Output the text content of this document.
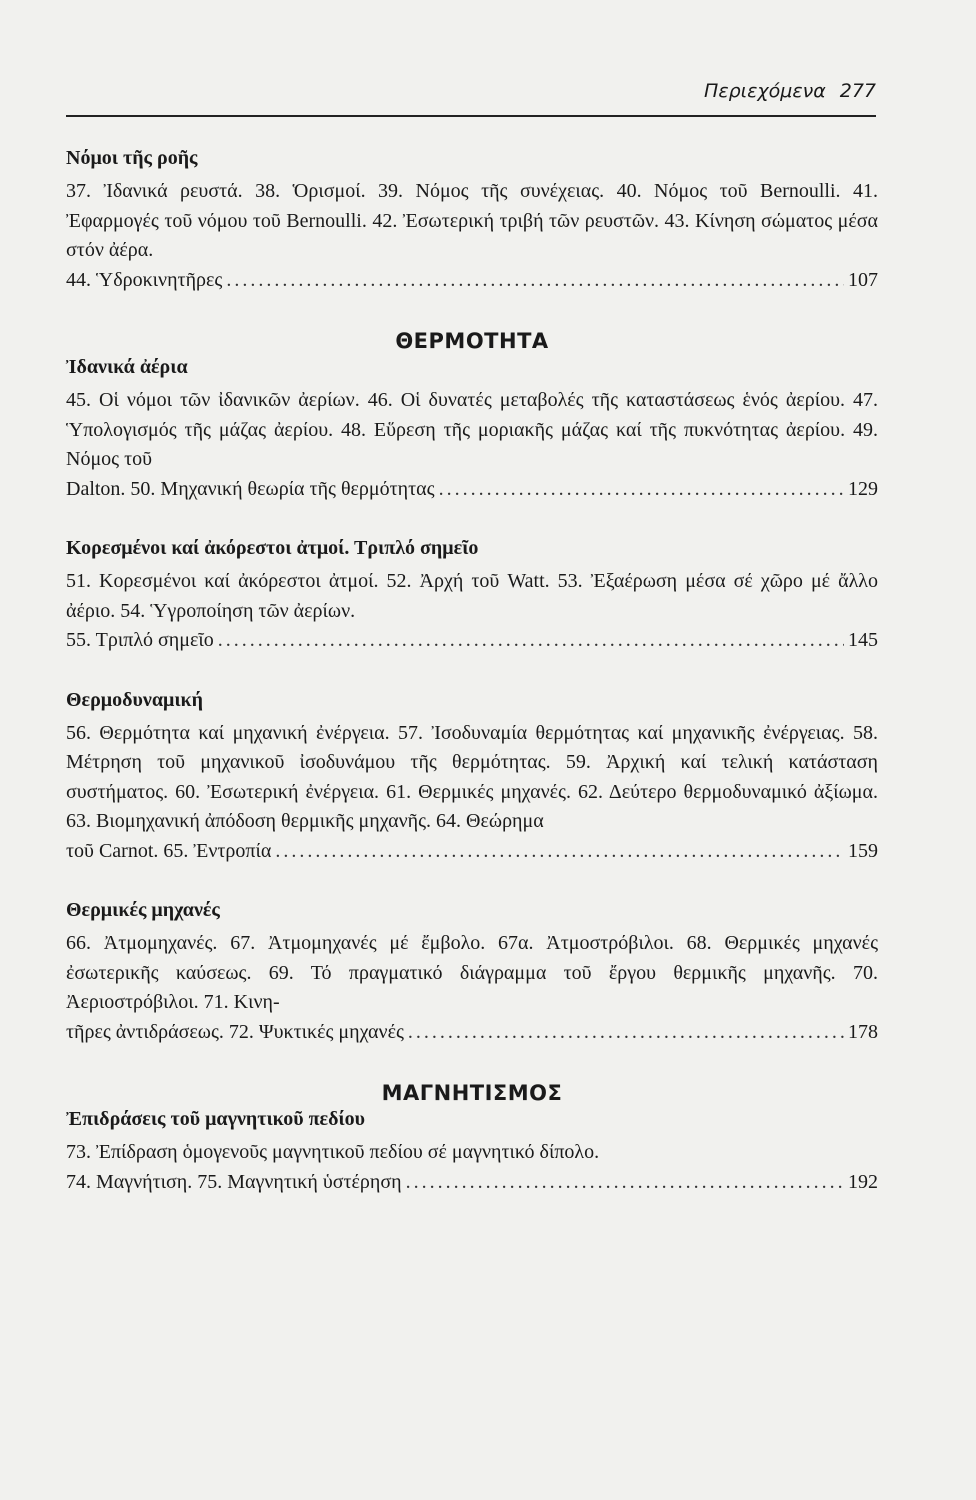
Περιεχόμενα 277
Νόμοι τῆς ροῆς
37. Ἰδανικά ρευστά. 38. Ὁρισμοί. 39. Νόμος τῆς συνέχειας. 40. Νόμος τοῦ Bernoulli. 41. Ἐφαρμογές τοῦ νόμου τοῦ Bernoulli. 42. Ἐσωτερική τριβή τῶν ρευστῶν. 43. Κίνηση σώματος μέσα στόν ἀέρα.
44. Ὑδροκινητῆρες . . .	107
ΘΕΡΜΟΤΗΤΑ
Ἰδανικά ἀέρια
45. Οἱ νόμοι τῶν ἰδανικῶν ἀερίων. 46. Οἱ δυνατές μεταβολές τῆς καταστάσεως ἑνός ἀερίου. 47. Ὑπολογισμός τῆς μάζας ἀερίου. 48. Εὕρεση τῆς μοριακῆς μάζας καί τῆς πυκνότητας ἀερίου. 49. Νόμος τοῦ
Dalton. 50. Μηχανική θεωρία τῆς θερμότητας . . .	129
Κορεσμένοι καί ἀκόρεστοι ἀτμοί. Τριπλό σημεῖο
51. Κορεσμένοι καί ἀκόρεστοι ἀτμοί. 52. Ἀρχή τοῦ Watt. 53. Ἐξαέρωση μέσα σέ χῶρο μέ ἄλλο ἀέριο. 54. Ὑγροποίηση τῶν ἀερίων.
55. Τριπλό σημεῖο . . .	145
Θερμοδυναμική
56. Θερμότητα καί μηχανική ἐνέργεια. 57. Ἰσοδυναμία θερμότητας καί μηχανικῆς ἐνέργειας. 58. Μέτρηση τοῦ μηχανικοῦ ἰσοδυνάμου τῆς θερμότητας. 59. Ἀρχική καί τελική κατάσταση συστήματος. 60. Ἐσωτερική ἐνέργεια. 61. Θερμικές μηχανές. 62. Δεύτερο θερμοδυναμικό ἀξίωμα. 63. Βιομηχανική ἀπόδοση θερμικῆς μηχανῆς. 64. Θεώρημα
τοῦ Carnot. 65. Ἐντροπία . . .	159
Θερμικές μηχανές
66. Ἀτμομηχανές. 67. Ἀτμομηχανές μέ ἔμβολο. 67α. Ἀτμοστρόβιλοι. 68. Θερμικές μηχανές ἐσωτερικῆς καύσεως. 69. Τό πραγματικό διάγραμμα τοῦ ἔργου θερμικῆς μηχανῆς. 70. Ἀεριοστρόβιλοι. 71. Κινη-
τῆρες ἀντιδράσεως. 72. Ψυκτικές μηχανές . . .	178
ΜΑΓΝΗΤΙΣΜΟΣ
Ἐπιδράσεις τοῦ μαγνητικοῦ πεδίου
73. Ἐπίδραση ὁμογενοῦς μαγνητικοῦ πεδίου σέ μαγνητικό δίπολο.
74. Μαγνήτιση. 75. Μαγνητική ὑστέρηση . . .	192
